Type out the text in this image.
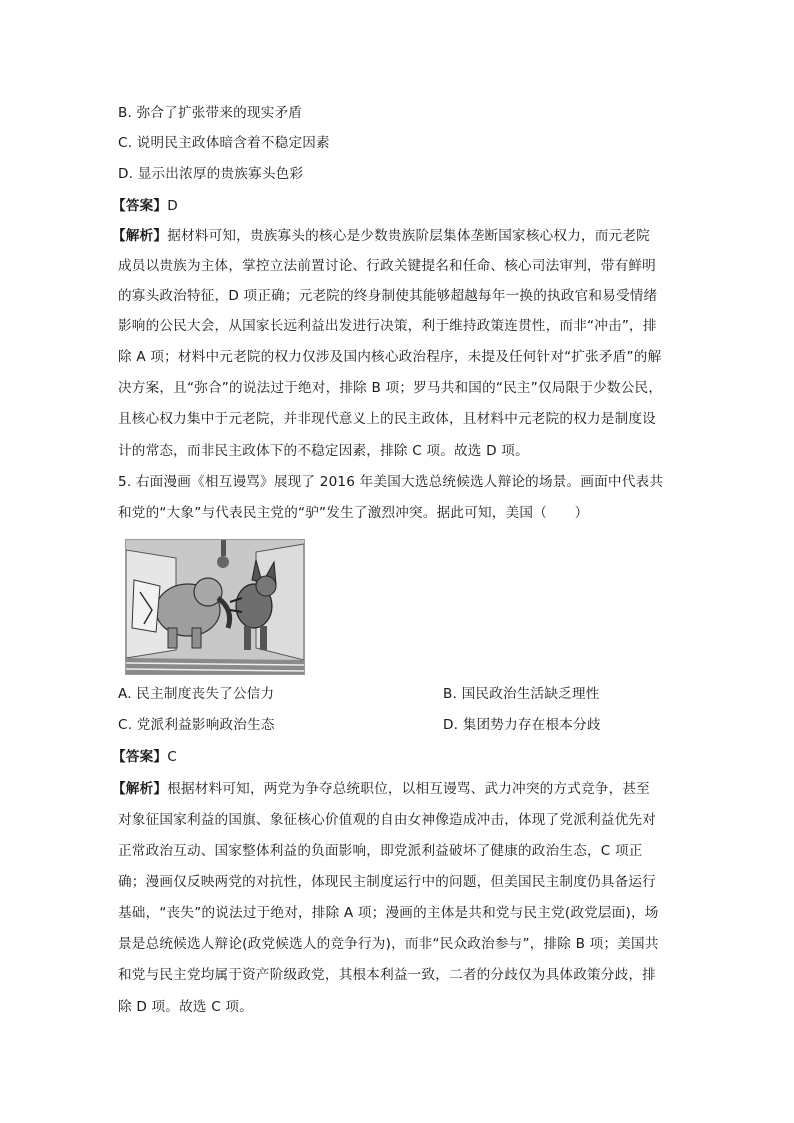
B. 弥合了扩张带来的现实矛盾
C. 说明民主政体暗含着不稳定因素
D. 显示出浓厚的贵族寡头色彩
【答案】D
【解析】据材料可知，贵族寡头的核心是少数贵族阶层集体垄断国家核心权力，而元老院
成员以贵族为主体，掌控立法前置讨论、行政关键提名和任命、核心司法审判，带有鲜明
的寡头政治特征，D 项正确；元老院的终身制使其能够超越每年一换的执政官和易受情绪
影响的公民大会，从国家长远利益出发进行决策，利于维持政策连贯性，而非“冲击”，排
除 A 项；材料中元老院的权力仅涉及国内核心政治程序，未提及任何针对“扩张矛盾”的解
决方案，且“弥合”的说法过于绝对，排除 B 项；罗马共和国的“民主”仅局限于少数公民，
且核心权力集中于元老院，并非现代意义上的民主政体，且材料中元老院的权力是制度设
计的常态，而非民主政体下的不稳定因素，排除 C 项。故选 D 项。
5. 右面漫画《相互谩骂》展现了 2016 年美国大选总统候选人辩论的场景。画面中代表共
和党的“大象”与代表民主党的“驴”发生了激烈冲突。据此可知，美国（　　）
A. 民主制度丧失了公信力	B. 国民政治生活缺乏理性
C. 党派利益影响政治生态	D. 集团势力存在根本分歧
【答案】C
【解析】根据材料可知，两党为争夺总统职位，以相互谩骂、武力冲突的方式竞争，甚至
对象征国家利益的国旗、象征核心价值观的自由女神像造成冲击，体现了党派利益优先对
正常政治互动、国家整体利益的负面影响，即党派利益破坏了健康的政治生态，C 项正
确；漫画仅反映两党的对抗性，体现民主制度运行中的问题，但美国民主制度仍具备运行
基础，“丧失”的说法过于绝对，排除 A 项；漫画的主体是共和党与民主党(政党层面)，场
景是总统候选人辩论(政党候选人的竞争行为)，而非“民众政治参与”，排除 B 项；美国共
和党与民主党均属于资产阶级政党，其根本利益一致，二者的分歧仅为具体政策分歧，排
除 D 项。故选 C 项。
